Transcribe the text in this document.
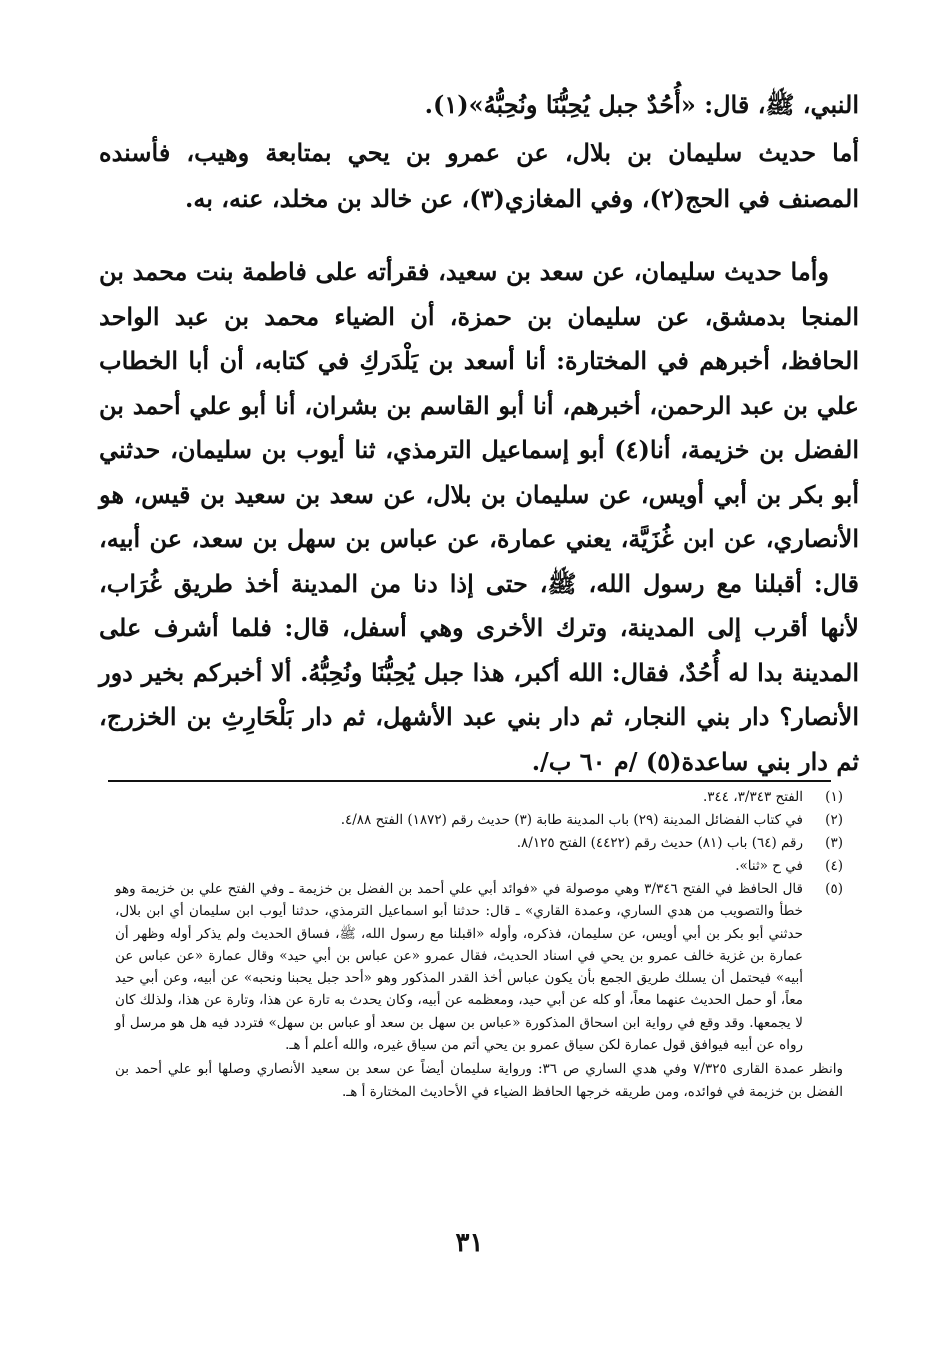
النبي، ﷺ، قال: «أُحُدٌ جبل يُحِبُّنَا ونُحِبُّهُ»(١).

أما حديث سليمان بن بلال، عن عمرو بن يحي بمتابعة وهيب، فأسنده المصنف في الحج(٢)، وفي المغازي(٣)، عن خالد بن مخلد، عنه، به.

وأما حديث سليمان، عن سعد بن سعيد، فقرأته على فاطمة بنت محمد بن المنجا بدمشق، عن سليمان بن حمزة، أن الضياء محمد بن عبد الواحد الحافظ، أخبرهم في المختارة: أنا أسعد بن يَلْدَركِ في كتابه، أن أبا الخطاب علي بن عبد الرحمن، أخبرهم، أنا أبو القاسم بن بشران، أنا أبو علي أحمد بن الفضل بن خزيمة، أنا(٤) أبو إسماعيل الترمذي، ثنا أيوب بن سليمان، حدثني أبو بكر بن أبي أويس، عن سليمان بن بلال، عن سعد بن سعيد بن قيس، هو الأنصاري، عن ابن غُزَيَّة، يعني عمارة، عن عباس بن سهل بن سعد، عن أبيه، قال: أقبلنا مع رسول الله، ﷺ، حتى إذا دنا من المدينة أخذ طريق غُرَاب، لأنها أقرب إلى المدينة، وترك الأخرى وهي أسفل، قال: فلما أشرف على المدينة بدا له أُحُدٌ، فقال: الله أكبر، هذا جبل يُحِبُّنَا ونُحِبُّهُ. ألا أخبركم بخير دور الأنصار؟ دار بني النجار، ثم دار بني عبد الأشهل، ثم دار بَلْحَارِثِ بن الخزرج، ثم دار بني ساعدة(٥) /م ٦٠ ب/.

(١)
الفتح ٣/٣٤٣، ٣٤٤.
(٢)
في كتاب الفضائل المدينة (٢٩) باب المدينة طابة (٣) حديث رقم (١٨٧٢) الفتح ٤/٨٨.
(٣)
رقم (٦٤) باب (٨١) حديث رقم (٤٤٢٢) الفتح ٨/١٢٥.
(٤)
في ح «ثنا».
(٥)
قال الحافظ في الفتح ٣/٣٤٦ وهي موصولة في «فوائد أبي علي أحمد بن الفضل بن خزيمة ـ وفي الفتح علي بن خزيمة وهو خطأ والتصويب من هدي الساري، وعمدة القاري» ـ قال: حدثنا أبو اسماعيل الترمذي، حدثنا أيوب ابن سليمان أي ابن بلال، حدثني أبو بكر بن أبي أويس، عن سليمان، فذكره، وأوله «اقبلنا مع رسول الله، ﷺ، فساق الحديث ولم يذكر أوله وظهر أن عمارة بن غزية خالف عمرو بن يحي في اسناد الحديث، فقال عمرو «عن عباس بن أبي حيد» وقال عمارة «عن عباس عن أبيه» فيحتمل أن يسلك طريق الجمع بأن يكون عباس أخذ القدر المذكور وهو «أحد جبل يحبنا ونحبه» عن أبيه، وعن أبي حيد معاً، أو حمل الحديث عنهما معاً، أو كله عن أبي حيد، ومعظمه عن أبيه، وكان يحدث به تارة عن هذا، وتارة عن هذا، ولذلك كان لا يجمعها. وقد وقع في رواية ابن اسحاق المذكورة «عباس بن سهل بن سعد أو عباس بن سهل» فتردد فيه هل هو مرسل أو رواه عن أبيه فيوافق قول عمارة لكن سياق عمرو بن يحي أتم من سياق غيره، والله أعلم أ هـ.
وانظر عمدة القارى ٧/٣٢٥ وفي هدي الساري ص ٣٦: ورواية سليمان أيضاً عن سعد بن سعيد الأنصاري وصلها أبو علي أحمد بن الفضل بن خزيمة في فوائده، ومن طريقه خرجها الحافظ الضياء في الأحاديث المختارة أ هـ.
٣١
